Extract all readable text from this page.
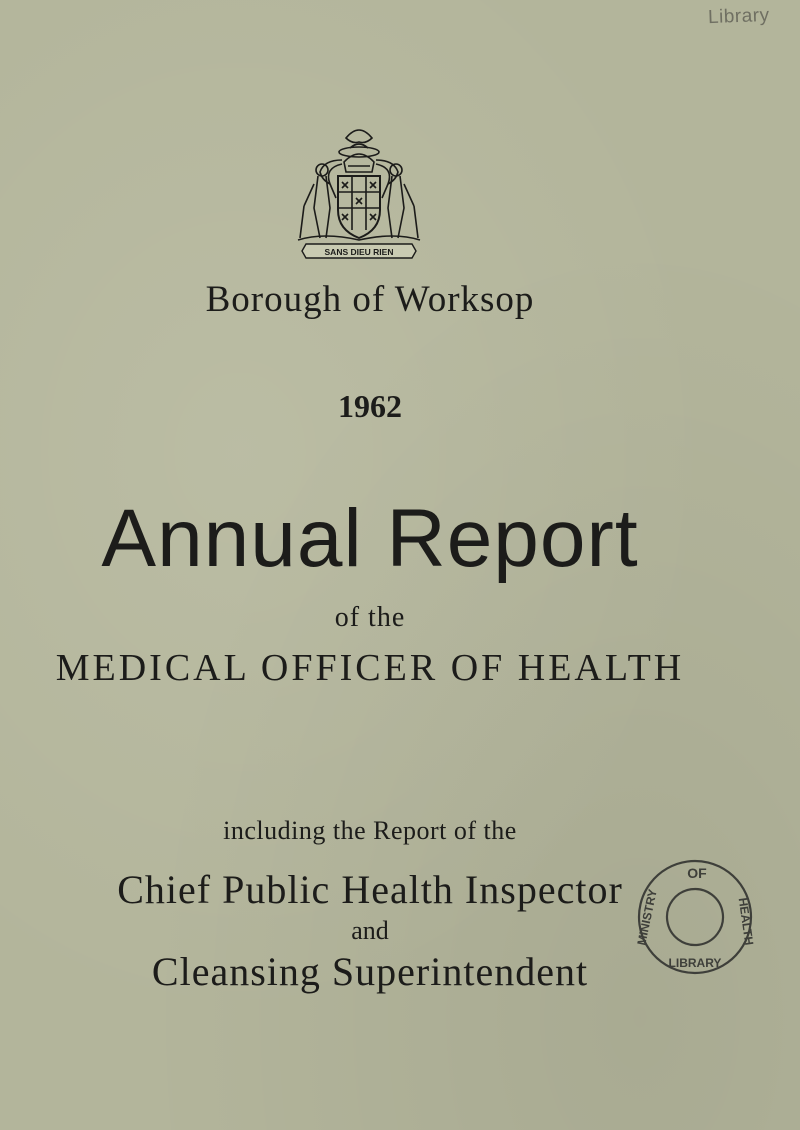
Library
SANS DIEU RIEN
Borough of Worksop
1962
Annual Report
of the
MEDICAL OFFICER OF HEALTH
including the Report of the
Chief Public Health Inspector
and
Cleansing Superintendent
OF
MINISTRY	HEALTH
LIBRARY
